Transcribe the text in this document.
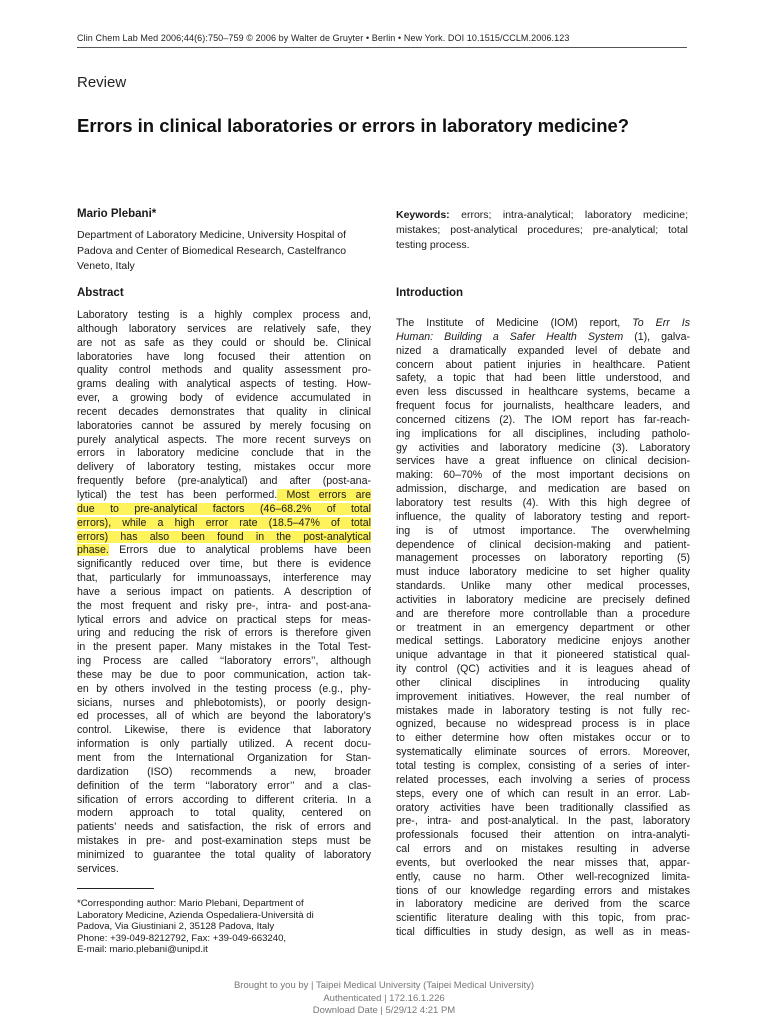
Clin Chem Lab Med 2006;44(6):750–759 © 2006 by Walter de Gruyter • Berlin • New York. DOI 10.1515/CCLM.2006.123
Review
Errors in clinical laboratories or errors in laboratory medicine?
Mario Plebani*
Department of Laboratory Medicine, University Hospital of Padova and Center of Biomedical Research, Castelfranco Veneto, Italy
Keywords: errors; intra-analytical; laboratory medicine; mistakes; post-analytical procedures; pre-analytical; total testing process.
Abstract	Introduction
Laboratory testing is a highly complex process and,
although laboratory services are relatively safe, they
are not as safe as they could or should be. Clinical
laboratories have long focused their attention on
quality control methods and quality assessment pro-
grams dealing with analytical aspects of testing. How-
ever, a growing body of evidence accumulated in
recent decades demonstrates that quality in clinical
laboratories cannot be assured by merely focusing on
purely analytical aspects. The more recent surveys on
errors in laboratory medicine conclude that in the
delivery of laboratory testing, mistakes occur more
frequently before (pre-analytical) and after (post-ana-
lytical) the test has been performed. Most errors are
due to pre-analytical factors (46–68.2% of total
errors), while a high error rate (18.5–47% of total
errors) has also been found in the post-analytical
phase. Errors due to analytical problems have been
significantly reduced over time, but there is evidence
that, particularly for immunoassays, interference may
have a serious impact on patients. A description of
the most frequent and risky pre-, intra- and post-ana-
lytical errors and advice on practical steps for meas-
uring and reducing the risk of errors is therefore given
in the present paper. Many mistakes in the Total Test-
ing Process are called ‘‘laboratory errors’’, although
these may be due to poor communication, action tak-
en by others involved in the testing process (e.g., phy-
sicians, nurses and phlebotomists), or poorly design-
ed processes, all of which are beyond the laboratory’s
control. Likewise, there is evidence that laboratory
information is only partially utilized. A recent docu-
ment from the International Organization for Stan-
dardization (ISO) recommends a new, broader
definition of the term ‘‘laboratory error’’ and a clas-
sification of errors according to different criteria. In a
modern approach to total quality, centered on
patients’ needs and satisfaction, the risk of errors and
mistakes in pre- and post-examination steps must be
minimized to guarantee the total quality of laboratory
services.
*Corresponding author: Mario Plebani, Department of
Laboratory Medicine, Azienda Ospedaliera-Università di
Padova, Via Giustiniani 2, 35128 Padova, Italy
Phone: +39-049-8212792, Fax: +39-049-663240,
E-mail: mario.plebani@unipd.it
The Institute of Medicine (IOM) report, To Err Is
Human: Building a Safer Health System (1), galva-
nized a dramatically expanded level of debate and
concern about patient injuries in healthcare. Patient
safety, a topic that had been little understood, and
even less discussed in healthcare systems, became a
frequent focus for journalists, healthcare leaders, and
concerned citizens (2). The IOM report has far-reach-
ing implications for all disciplines, including patholo-
gy activities and laboratory medicine (3). Laboratory
services have a great influence on clinical decision-
making: 60–70% of the most important decisions on
admission, discharge, and medication are based on
laboratory test results (4). With this high degree of
influence, the quality of laboratory testing and report-
ing is of utmost importance. The overwhelming
dependence of clinical decision-making and patient-
management processes on laboratory reporting (5)
must induce laboratory medicine to set higher quality
standards. Unlike many other medical processes,
activities in laboratory medicine are precisely defined
and are therefore more controllable than a procedure
or treatment in an emergency department or other
medical settings. Laboratory medicine enjoys another
unique advantage in that it pioneered statistical qual-
ity control (QC) activities and it is leagues ahead of
other clinical disciplines in introducing quality
improvement initiatives. However, the real number of
mistakes made in laboratory testing is not fully rec-
ognized, because no widespread process is in place
to either determine how often mistakes occur or to
systematically eliminate sources of errors. Moreover,
total testing is complex, consisting of a series of inter-
related processes, each involving a series of process
steps, every one of which can result in an error. Lab-
oratory activities have been traditionally classified as
pre-, intra- and post-analytical. In the past, laboratory
professionals focused their attention on intra-analyti-
cal errors and on mistakes resulting in adverse
events, but overlooked the near misses that, appar-
ently, cause no harm. Other well-recognized limita-
tions of our knowledge regarding errors and mistakes
in laboratory medicine are derived from the scarce
scientific literature dealing with this topic, from prac-
tical difficulties in study design, as well as in meas-
Brought to you by | Taipei Medical University (Taipei Medical University)
Authenticated | 172.16.1.226
Download Date | 5/29/12 4:21 PM
